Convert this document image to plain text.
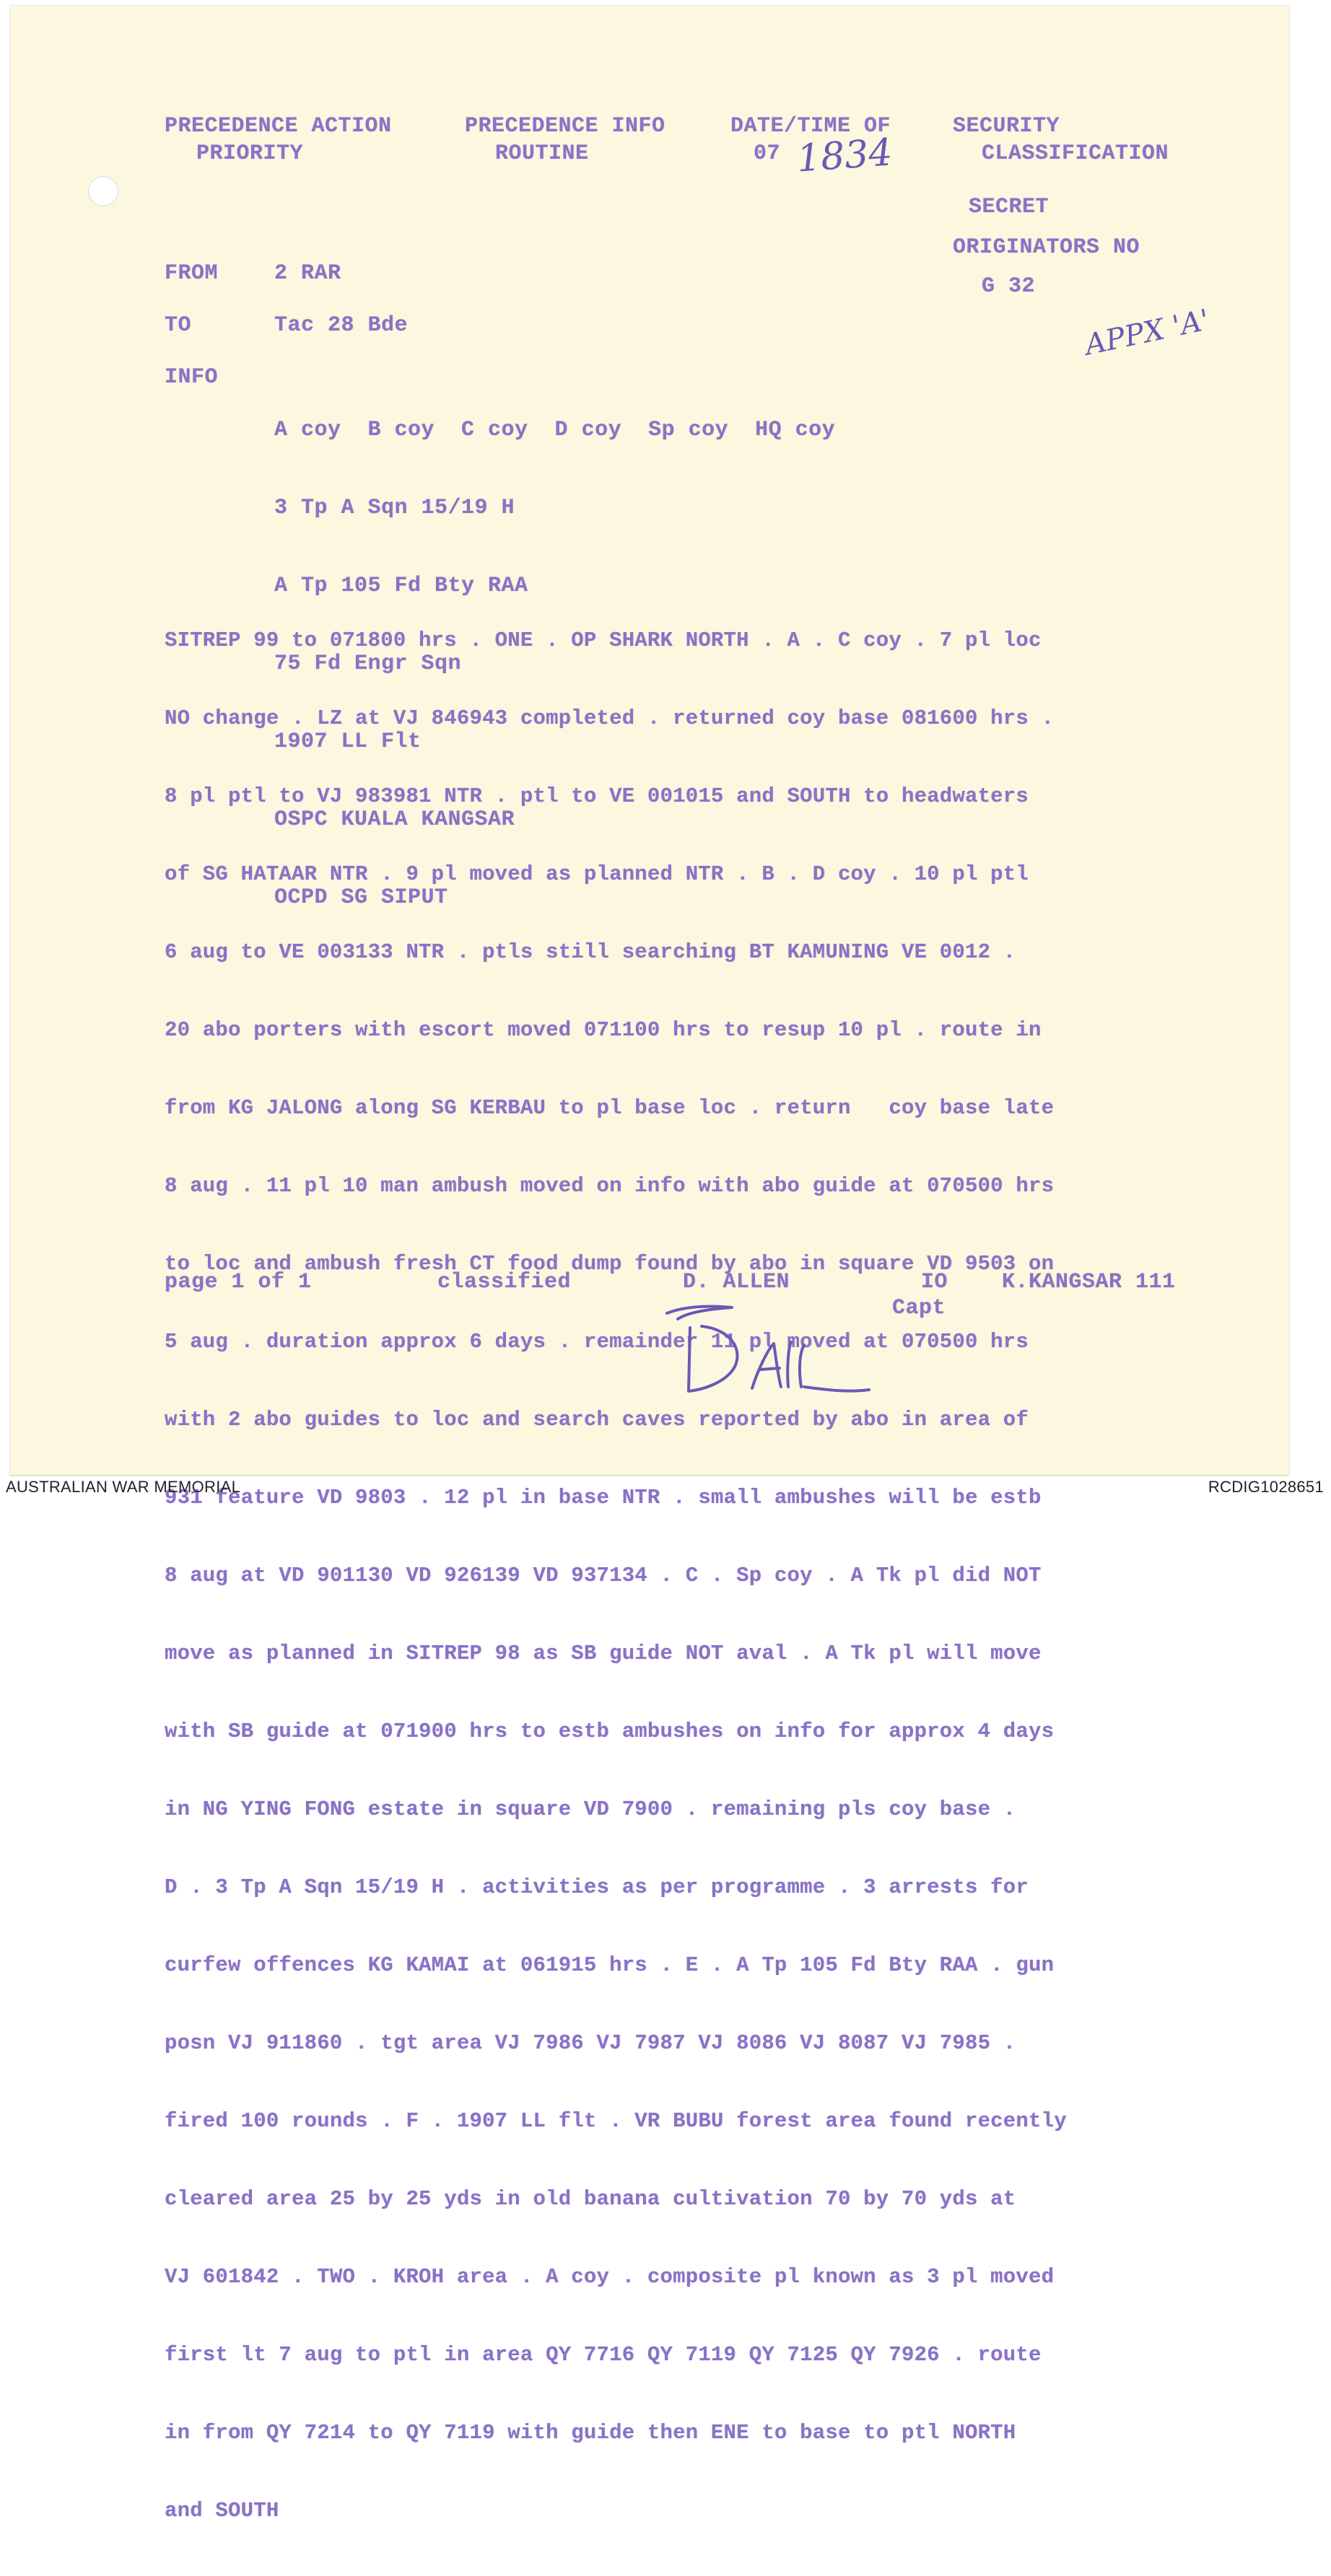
PRECEDENCE ACTION
PRIORITY
PRECEDENCE INFO
ROUTINE
DATE/TIME OF
07 1834
SECURITY
CLASSIFICATION
SECRET
ORIGINATORS NO
G 32
APPX 'A'
FROM	2 RAR
TO	Tac 28 Bde
INFO

A coy  B coy  C coy  D coy  Sp coy  HQ coy

3 Tp A Sqn 15/19 H

A Tp 105 Fd Bty RAA

75 Fd Engr Sqn

1907 LL Flt

OSPC KUALA KANGSAR

OCPD SG SIPUT

SITREP 99 to 071800 hrs . ONE . OP SHARK NORTH . A . C coy . 7 pl loc

NO change . LZ at VJ 846943 completed . returned coy base 081600 hrs .

8 pl ptl to VJ 983981 NTR . ptl to VE 001015 and SOUTH to headwaters

of SG HATAAR NTR . 9 pl moved as planned NTR . B . D coy . 10 pl ptl

6 aug to VE 003133 NTR . ptls still searching BT KAMUNING VE 0012 .

20 abo porters with escort moved 071100 hrs to resup 10 pl . route in

from KG JALONG along SG KERBAU to pl base loc . return   coy base late

8 aug . 11 pl 10 man ambush moved on info with abo guide at 070500 hrs

to loc and ambush fresh CT food dump found by abo in square VD 9503 on

5 aug . duration approx 6 days . remainder 11 pl moved at 070500 hrs

with 2 abo guides to loc and search caves reported by abo in area of

931 feature VD 9803 . 12 pl in base NTR . small ambushes will be estb

8 aug at VD 901130 VD 926139 VD 937134 . C . Sp coy . A Tk pl did NOT

move as planned in SITREP 98 as SB guide NOT aval . A Tk pl will move

with SB guide at 071900 hrs to estb ambushes on info for approx 4 days

in NG YING FONG estate in square VD 7900 . remaining pls coy base .

D . 3 Tp A Sqn 15/19 H . activities as per programme . 3 arrests for

curfew offences KG KAMAI at 061915 hrs . E . A Tp 105 Fd Bty RAA . gun

posn VJ 911860 . tgt area VJ 7986 VJ 7987 VJ 8086 VJ 8087 VJ 7985 .

fired 100 rounds . F . 1907 LL flt . VR BUBU forest area found recently

cleared area 25 by 25 yds in old banana cultivation 70 by 70 yds at

VJ 601842 . TWO . KROH area . A coy . composite pl known as 3 pl moved

first lt 7 aug to ptl in area QY 7716 QY 7119 QY 7125 QY 7926 . route

in from QY 7214 to QY 7119 with guide then ENE to base to ptl NORTH

and SOUTH

page 1 of 1	classified	D. ALLEN	IO
Capt
K.KANGSAR 111
AUSTRALIAN WAR MEMORIAL	RCDIG1028651
